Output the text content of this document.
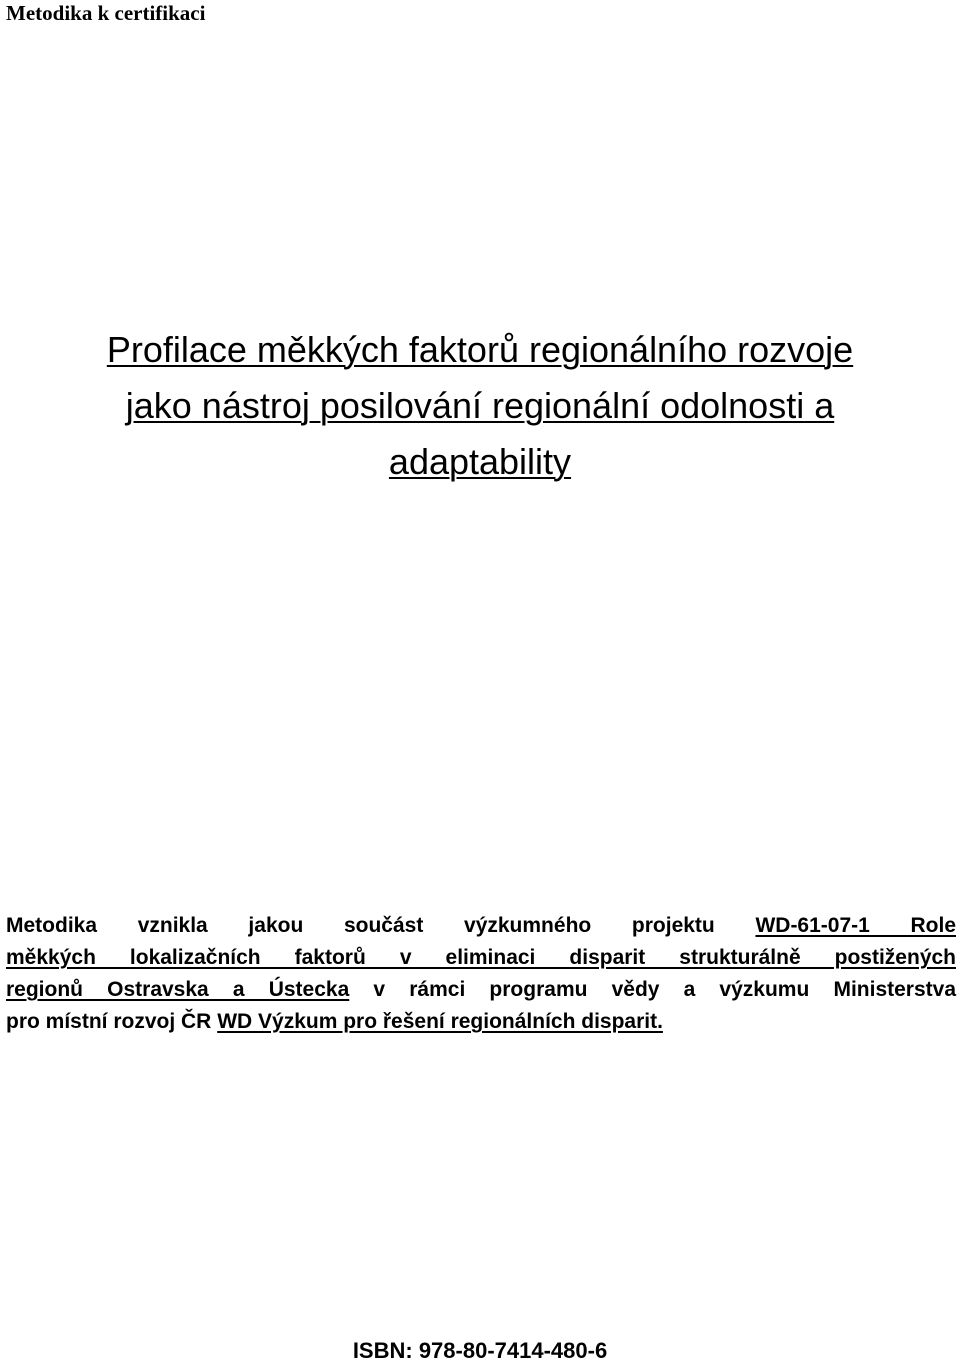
Metodika k certifikaci
Profilace měkkých faktorů regionálního rozvoje
jako nástroj posilování regionální odolnosti a
adaptability
Metodika vznikla jakou součást výzkumného projektu WD-61-07-1 Role
měkkých lokalizačních faktorů v eliminaci disparit strukturálně postižených
regionů Ostravska a Ústecka v rámci programu vědy a výzkumu Ministerstva
pro místní rozvoj ČR WD Výzkum pro řešení regionálních disparit.
ISBN: 978-80-7414-480-6
